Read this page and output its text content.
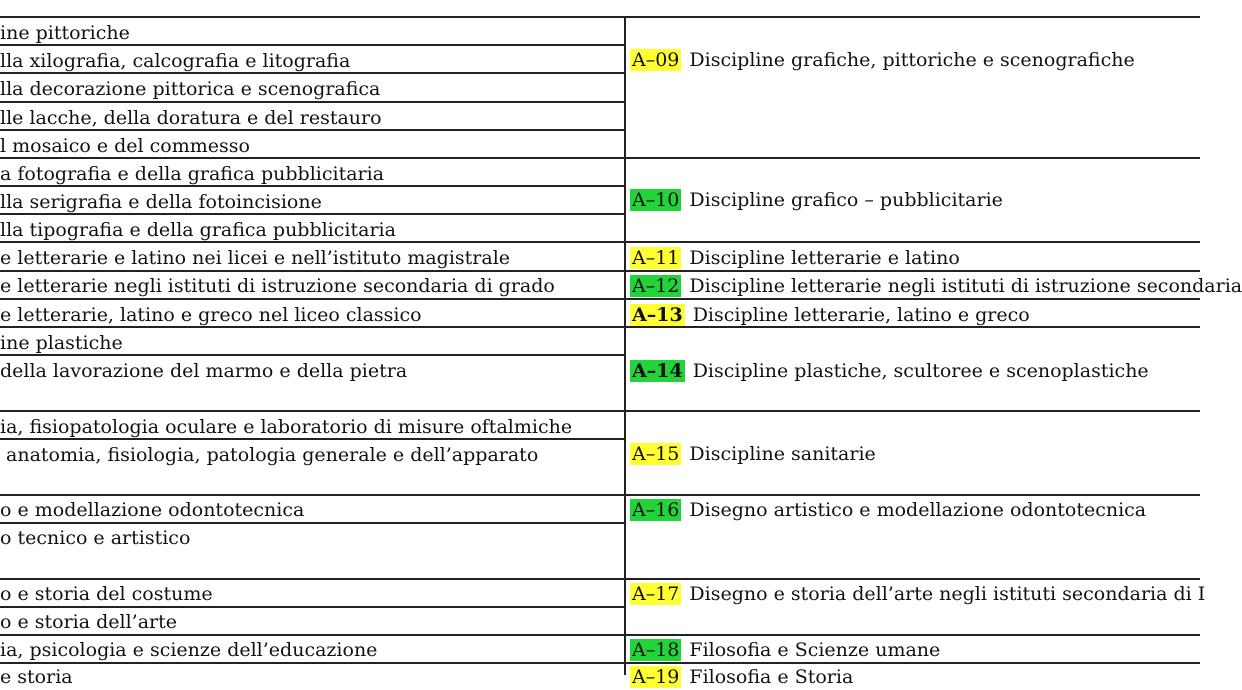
ine pittoriche
lla xilografia, calcografia e litografia
lla decorazione pittorica e scenografica
lle lacche, della doratura e del restauro
l mosaico e del commesso
a fotografia e della grafica pubblicitaria
lla serigrafia e della fotoincisione
lla tipografia e della grafica pubblicitaria
e letterarie e latino nei licei e nell’istituto magistrale
e letterarie negli istituti di istruzione secondaria di grado
e letterarie, latino e greco nel liceo classico
ine plastiche
della lavorazione del marmo e della pietra
ia, fisiopatologia oculare e laboratorio di misure oftalmiche
anatomia, fisiologia, patologia generale e dell’apparato
o e modellazione odontotecnica
o tecnico e artistico
o e storia del costume
o e storia dell’arte
ia, psicologia e scienze dell’educazione
e storia
A–09 Discipline grafiche, pittoriche e scenografiche
A–10 Discipline grafico – pubblicitarie
A–11 Discipline letterarie e latino
A–12 Discipline letterarie negli istituti di istruzione secondaria
A–13 Discipline letterarie, latino e greco
A–14 Discipline plastiche, scultoree e scenoplastiche
A–15 Discipline sanitarie
A–16 Disegno artistico e modellazione odontotecnica
A–17 Disegno e storia dell’arte negli istituti secondaria di I
A–18 Filosofia e Scienze umane
A–19 Filosofia e Storia
